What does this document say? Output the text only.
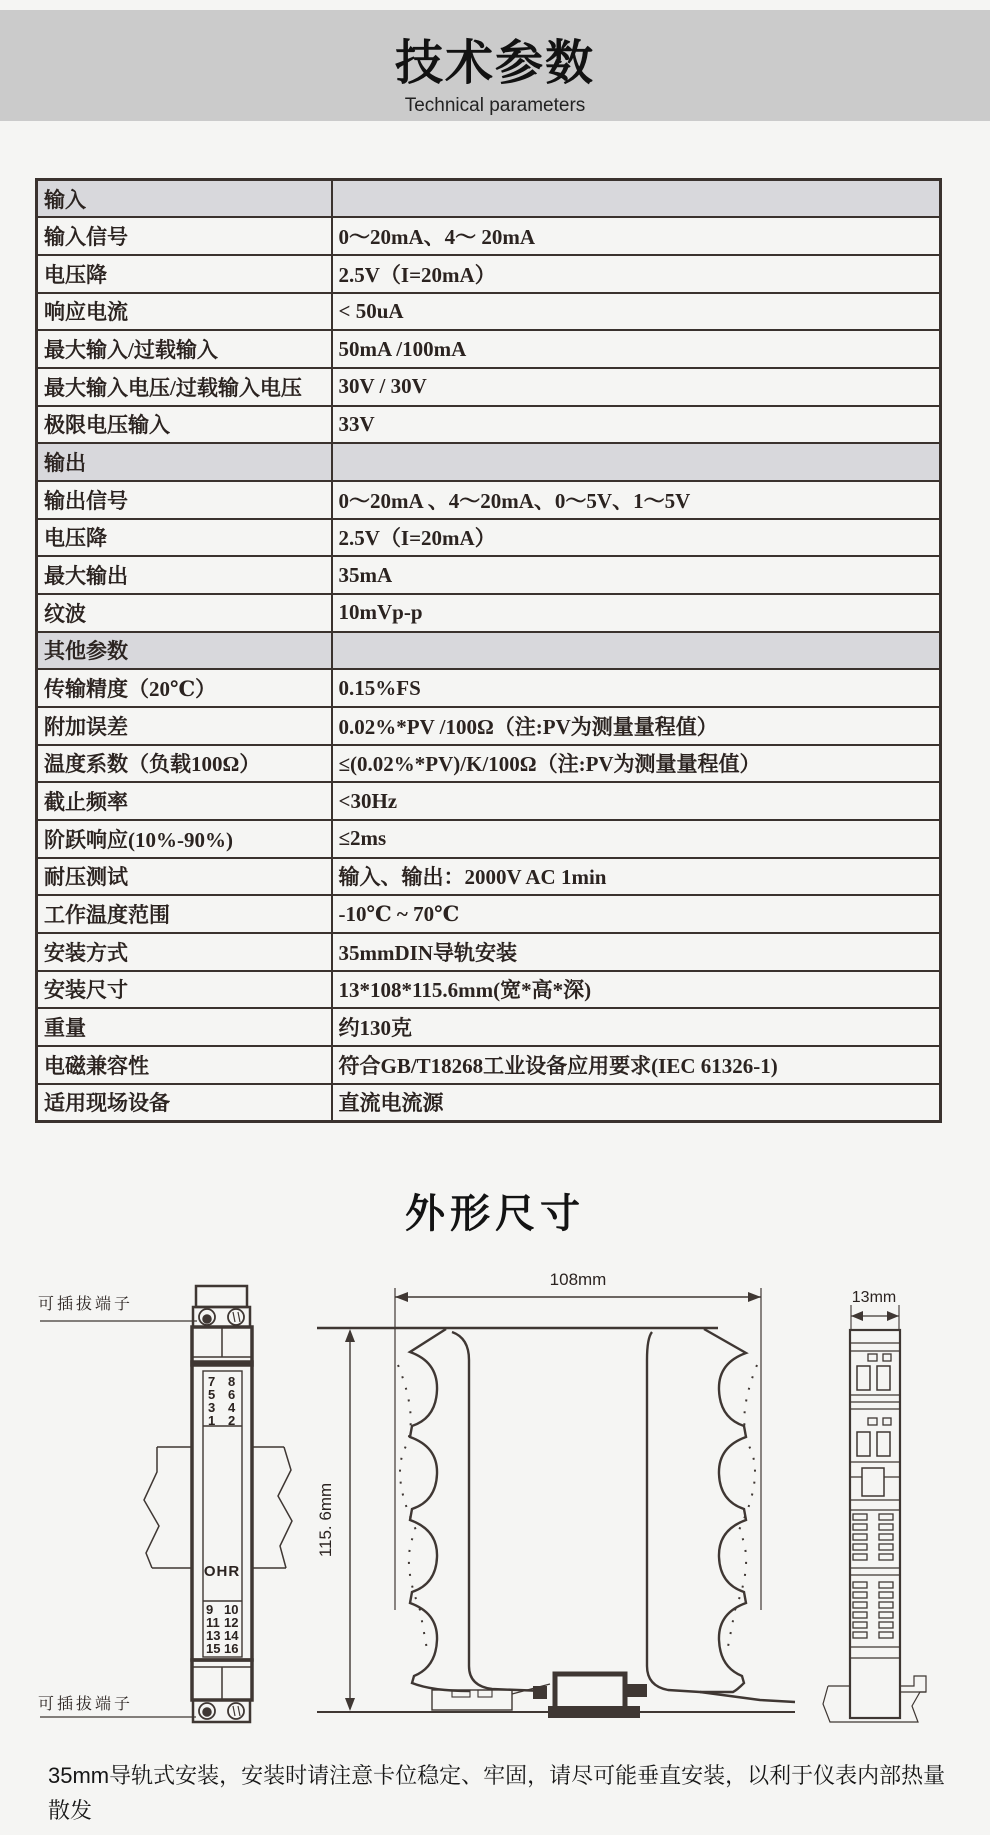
技术参数
Technical parameters
输入	
输入信号	0～20mA、4～ 20mA
电压降	2.5V（I=20mA）
响应电流	< 50uA
最大输入/过载输入	50mA /100mA
最大输入电压/过载输入电压	30V / 30V
极限电压输入	33V
输出	
输出信号	0～20mA 、4～20mA、0～5V、1～5V
电压降	2.5V（I=20mA）
最大输出	35mA
纹波	10mVp-p
其他参数	
传输精度（20℃）	0.15%FS
附加误差	0.02%*PV /100Ω（注:PV为测量量程值）
温度系数（负载100Ω）	≤(0.02%*PV)/K/100Ω（注:PV为测量量程值）
截止频率	<30Hz
阶跃响应(10%-90%)	≤2ms
耐压测试	输入、输出：2000V AC 1min
工作温度范围	-10℃ ~ 70℃
安装方式	35mmDIN导轨安装
安装尺寸	13*108*115.6mm(宽*高*深)
重量	约130克
电磁兼容性	符合GB/T18268工业设备应用要求(IEC 61326-1)
适用现场设备	直流电流源
外形尺寸
7 8
5 6
3 4
1 2
OHR
9 10
11 12
13 14
15 16
可插拔端子
可插拔端子
108mm
115. 6mm
13mm

35mm导轨式安装，安装时请注意卡位稳定、牢固，请尽可能垂直安装，以利于仪表内部热量散发
